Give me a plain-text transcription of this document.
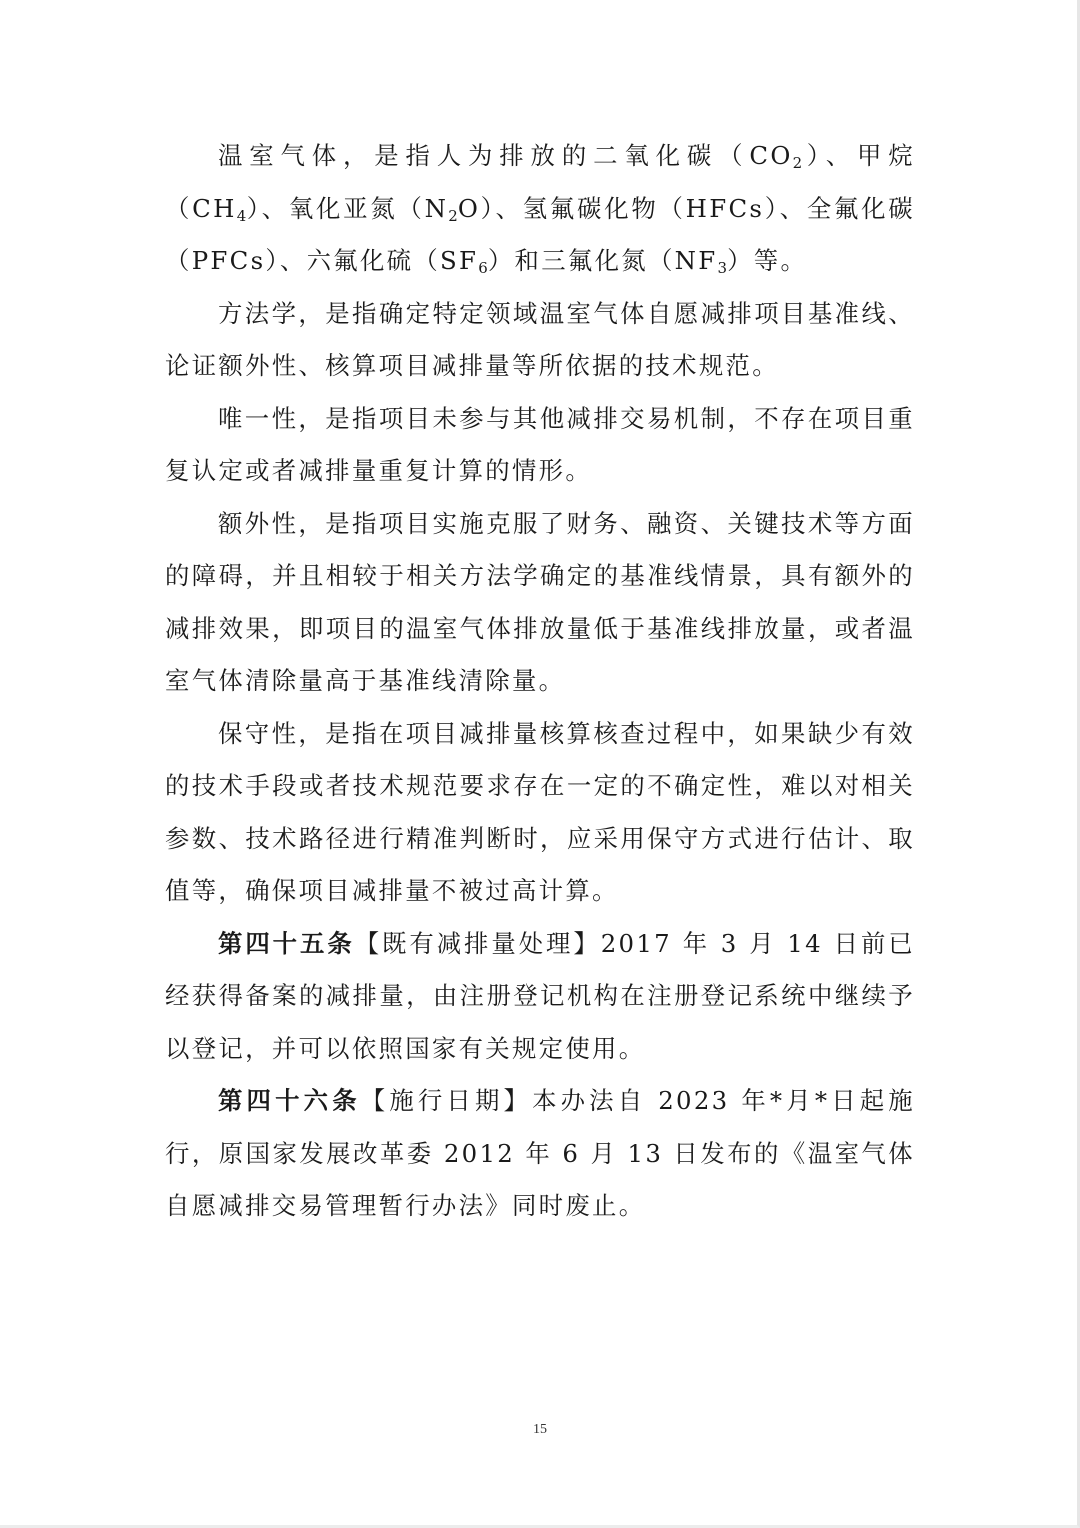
温室气体，是指人为排放的二氧化碳$(CO_2)$、甲烷$(CH_4)$、氧化亚氮$(N_2O)$、氢氟碳化物（HFCs）、全氟化碳（PFCs）、六氟化硫$(SF_6)$和三氟化氮$(NF_3)$等。

方法学，是指确定特定领域温室气体自愿减排项目基准线、论证额外性、核算项目减排量等所依据的技术规范。

唯一性，是指项目未参与其他减排交易机制，不存在项目重复认定或者减排量重复计算的情形。

额外性，是指项目实施克服了财务、融资、关键技术等方面的障碍，并且相较于相关方法学确定的基准线情景，具有额外的减排效果，即项目的温室气体排放量低于基准线排放量，或者温室气体清除量高于基准线清除量。

保守性，是指在项目减排量核算核查过程中，如果缺少有效的技术手段或者技术规范要求存在一定的不确定性，难以对相关参数、技术路径进行精准判断时，应采用保守方式进行估计、取值等，确保项目减排量不被过高计算。

第四十五条【既有减排量处理】2017 年 3 月 14 日前已经获得备案的减排量，由注册登记机构在注册登记系统中继续予以登记，并可以依照国家有关规定使用。

第四十六条【施行日期】本办法自 2023 年*月*日起施行，原国家发展改革委 2012 年 6 月 13 日发布的《温室气体自愿减排交易管理暂行办法》同时废止。

15
